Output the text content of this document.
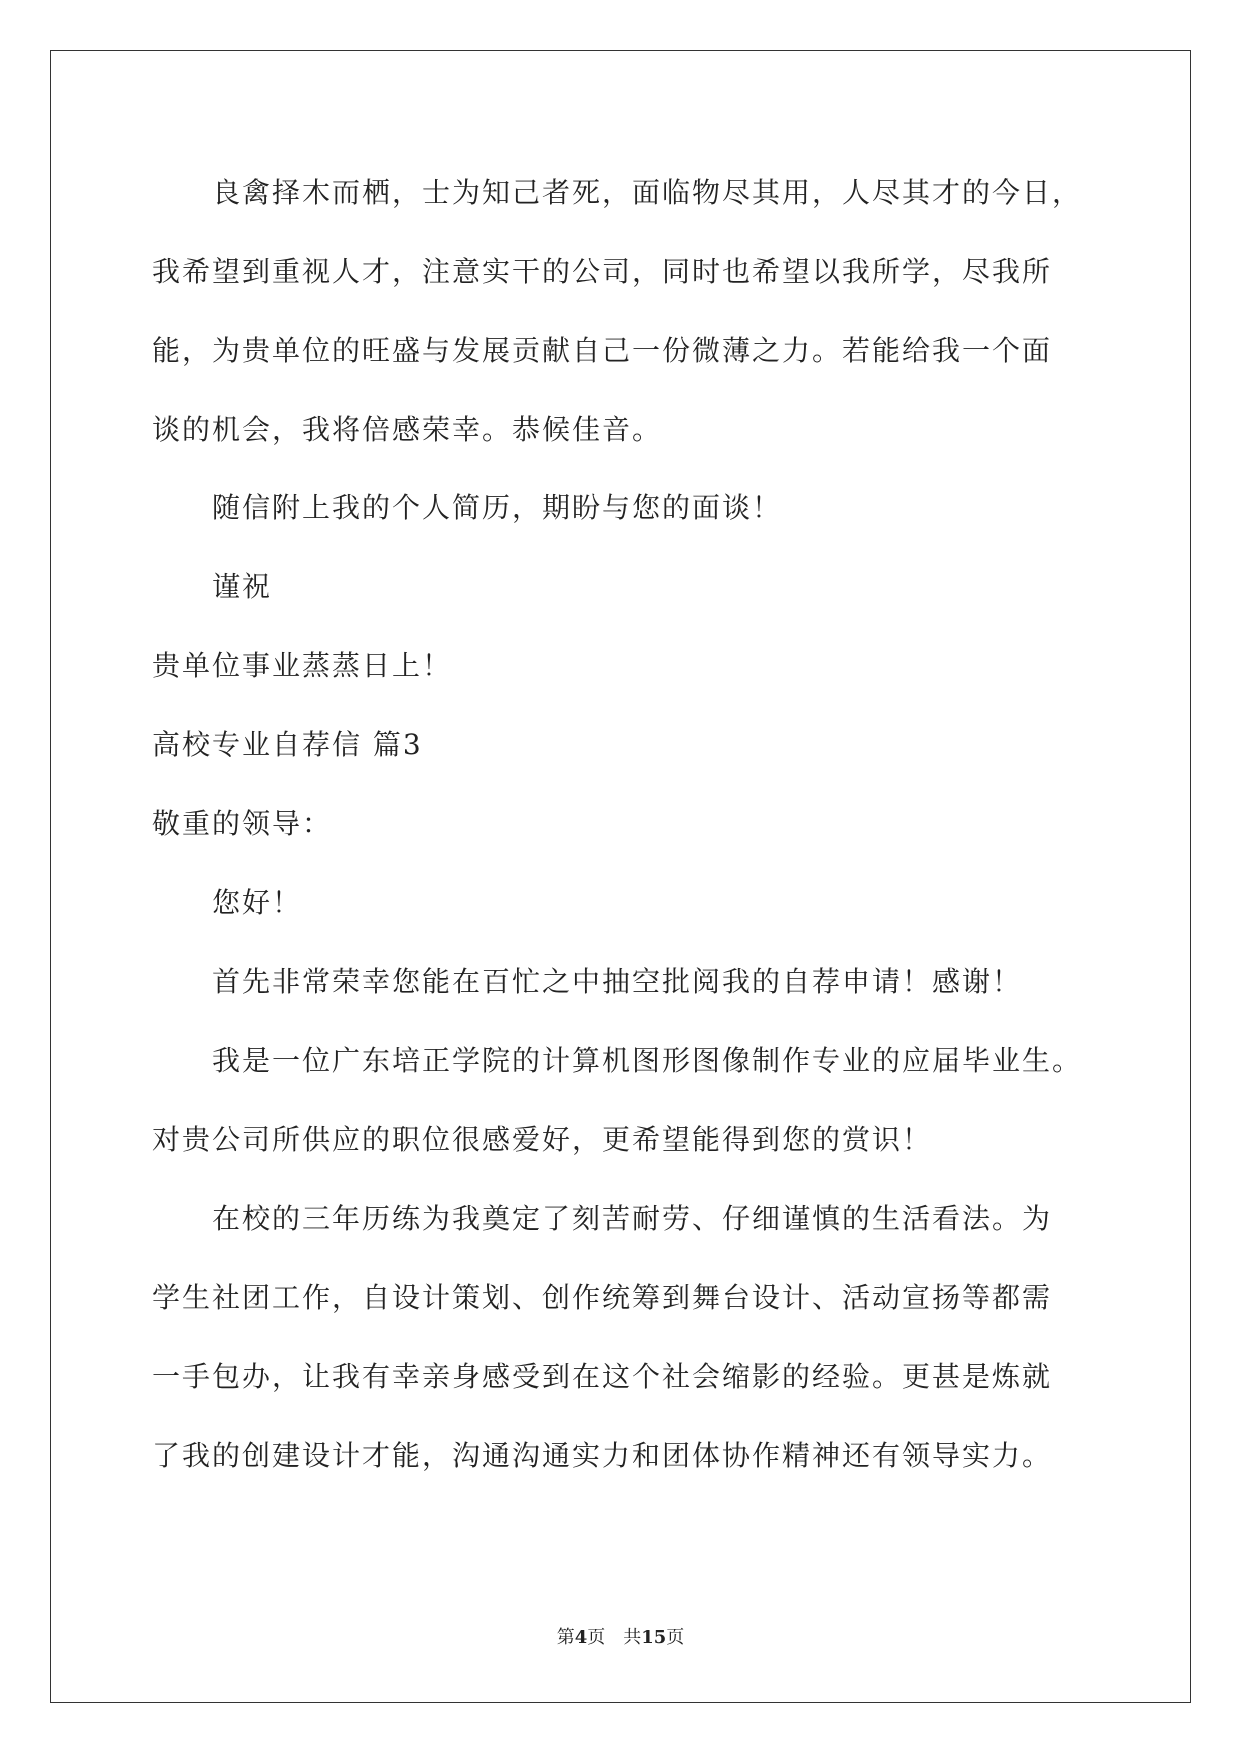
　　良禽择木而栖，士为知己者死，面临物尽其用，人尽其才的今日，
我希望到重视人才，注意实干的公司，同时也希望以我所学，尽我所
能，为贵单位的旺盛与发展贡献自己一份微薄之力。若能给我一个面
谈的机会，我将倍感荣幸。恭候佳音。
　　随信附上我的个人简历，期盼与您的面谈！
　　谨祝
贵单位事业蒸蒸日上！
高校专业自荐信 篇3
敬重的领导：
　　您好！
　　首先非常荣幸您能在百忙之中抽空批阅我的自荐申请！感谢！
　　我是一位广东培正学院的计算机图形图像制作专业的应届毕业生。
对贵公司所供应的职位很感爱好，更希望能得到您的赏识！
　　在校的三年历练为我奠定了刻苦耐劳、仔细谨慎的生活看法。为
学生社团工作，自设计策划、创作统筹到舞台设计、活动宣扬等都需
一手包办，让我有幸亲身感受到在这个社会缩影的经验。更甚是炼就
了我的创建设计才能，沟通沟通实力和团体协作精神还有领导实力。
第4页 共15页
